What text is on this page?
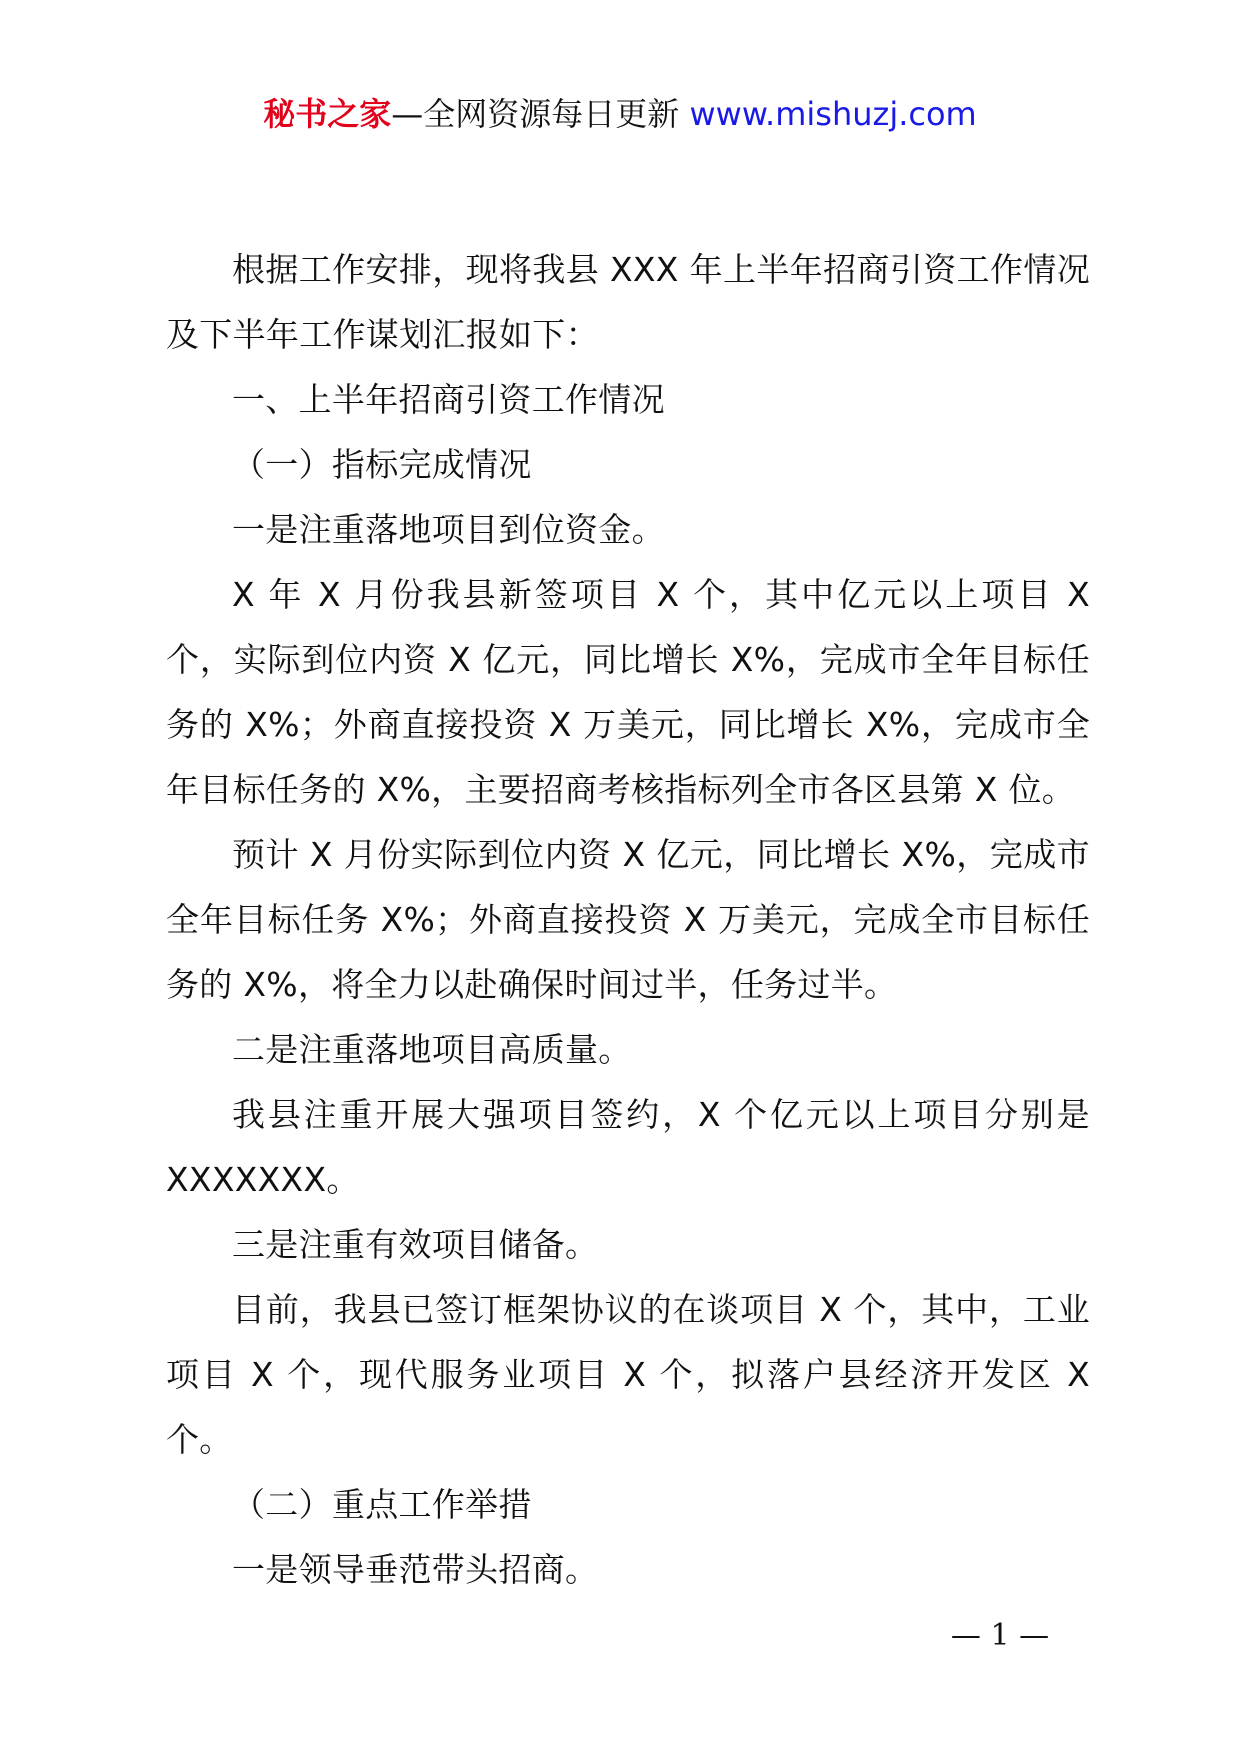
秘书之家—全网资源每日更新 www.mishuzj.com

根据工作安排，现将我县 XXX 年上半年招商引资工作情况及下半年工作谋划汇报如下：

一、上半年招商引资工作情况

（一）指标完成情况

一是注重落地项目到位资金。

X 年 X 月份我县新签项目 X 个，其中亿元以上项目 X 个，实际到位内资 X 亿元，同比增长 X%，完成市全年目标任务的 X%；外商直接投资 X 万美元，同比增长 X%，完成市全年目标任务的 X%，主要招商考核指标列全市各区县第 X 位。

预计 X 月份实际到位内资 X 亿元，同比增长 X%，完成市全年目标任务 X%；外商直接投资 X 万美元，完成全市目标任务的 X%，将全力以赴确保时间过半，任务过半。

二是注重落地项目高质量。

我县注重开展大强项目签约，X 个亿元以上项目分别是 XXXXXXX。

三是注重有效项目储备。

目前，我县已签订框架协议的在谈项目 X 个，其中，工业项目 X 个，现代服务业项目 X 个，拟落户县经济开发区 X 个。

（二）重点工作举措

一是领导垂范带头招商。

— 1 —
